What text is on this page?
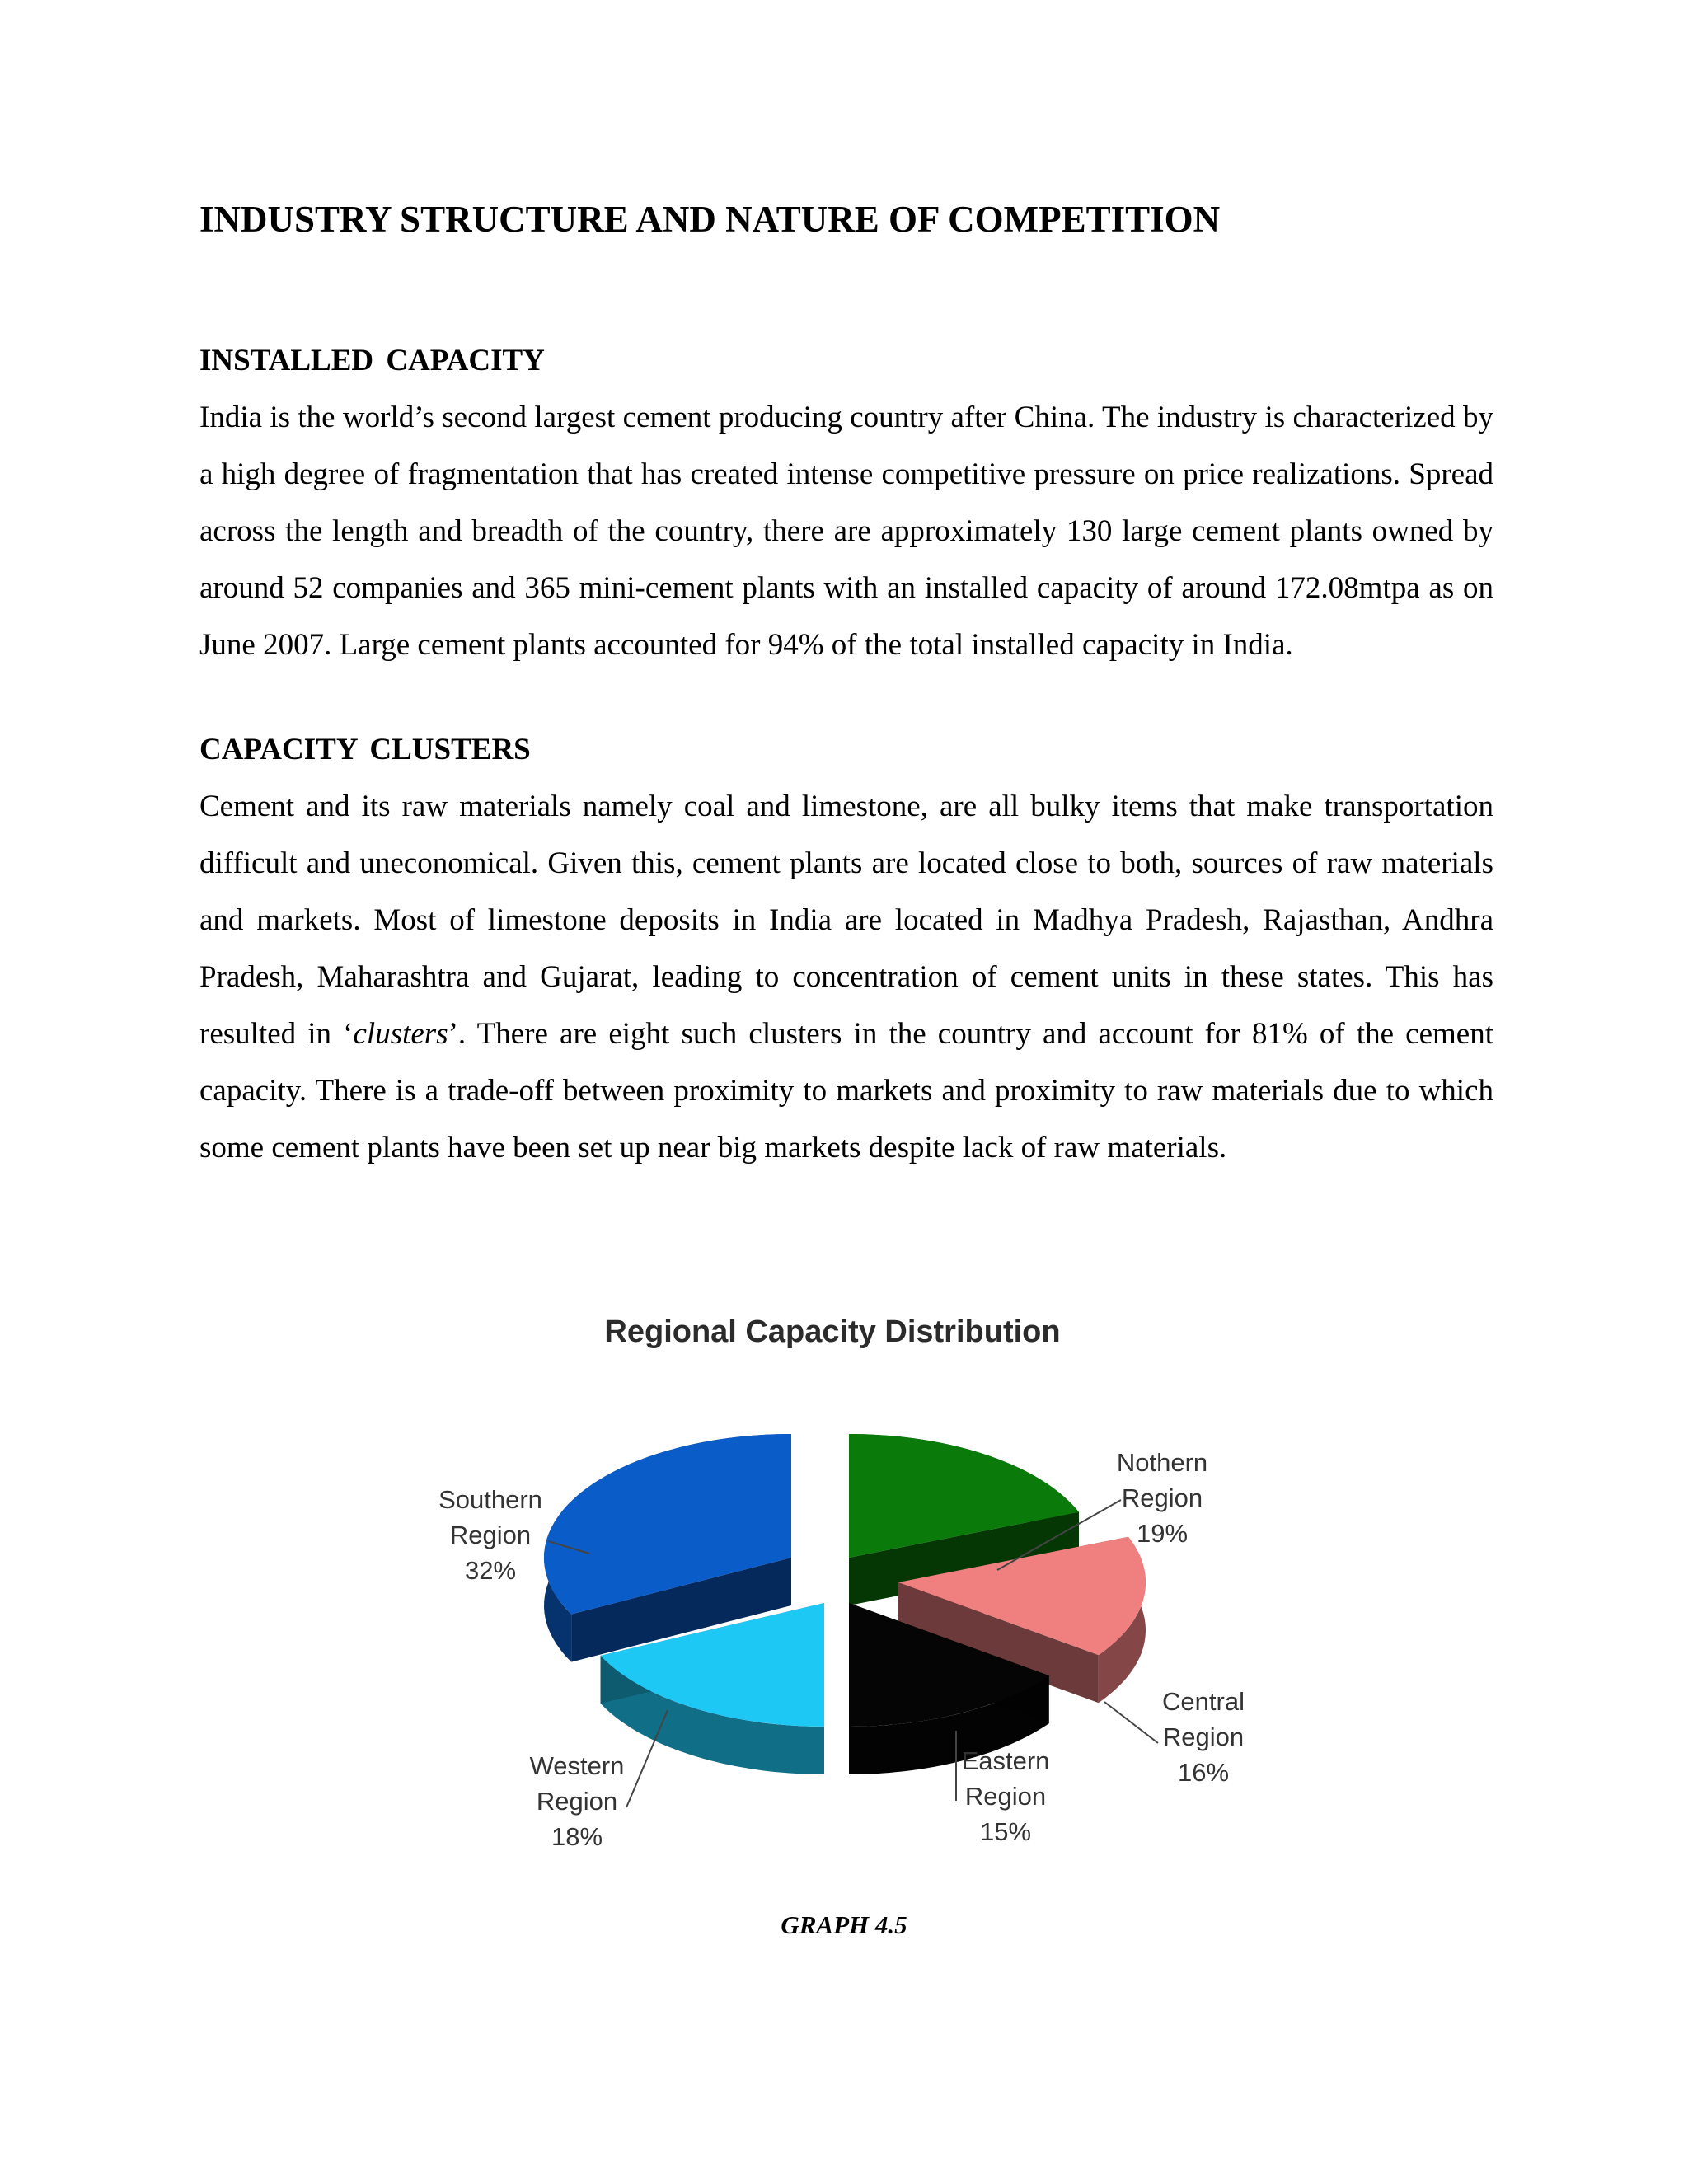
INDUSTRY STRUCTURE AND NATURE OF COMPETITION
INSTALLED CAPACITY

India is the world’s second largest cement producing country after China. The industry is characterized by a high degree of fragmentation that has created intense competitive pressure on price realizations. Spread across the length and breadth of the country, there are approximately 130 large cement plants owned by around 52 companies and 365 mini-cement plants with an installed capacity of around 172.08mtpa as on June 2007. Large cement plants accounted for 94% of the total installed capacity in India.

CAPACITY CLUSTERS

Cement and its raw materials namely coal and limestone, are all bulky items that make transportation difficult and uneconomical. Given this, cement plants are located close to both, sources of raw materials and markets. Most of limestone deposits in India are located in Madhya Pradesh, Rajasthan, Andhra Pradesh, Maharashtra and Gujarat, leading to concentration of cement units in these states. This has resulted in ‘clusters’. There are eight such clusters in the country and account for 81% of the cement capacity. There is a trade-off between proximity to markets and proximity to raw materials due to which some cement plants have been set up near big markets despite lack of raw materials.

Regional Capacity Distribution
Southern
Region
32%
Western
Region
18%
Nothern
Region
19%
Central
Region
16%
Eastern
Region
15%
GRAPH 4.5
